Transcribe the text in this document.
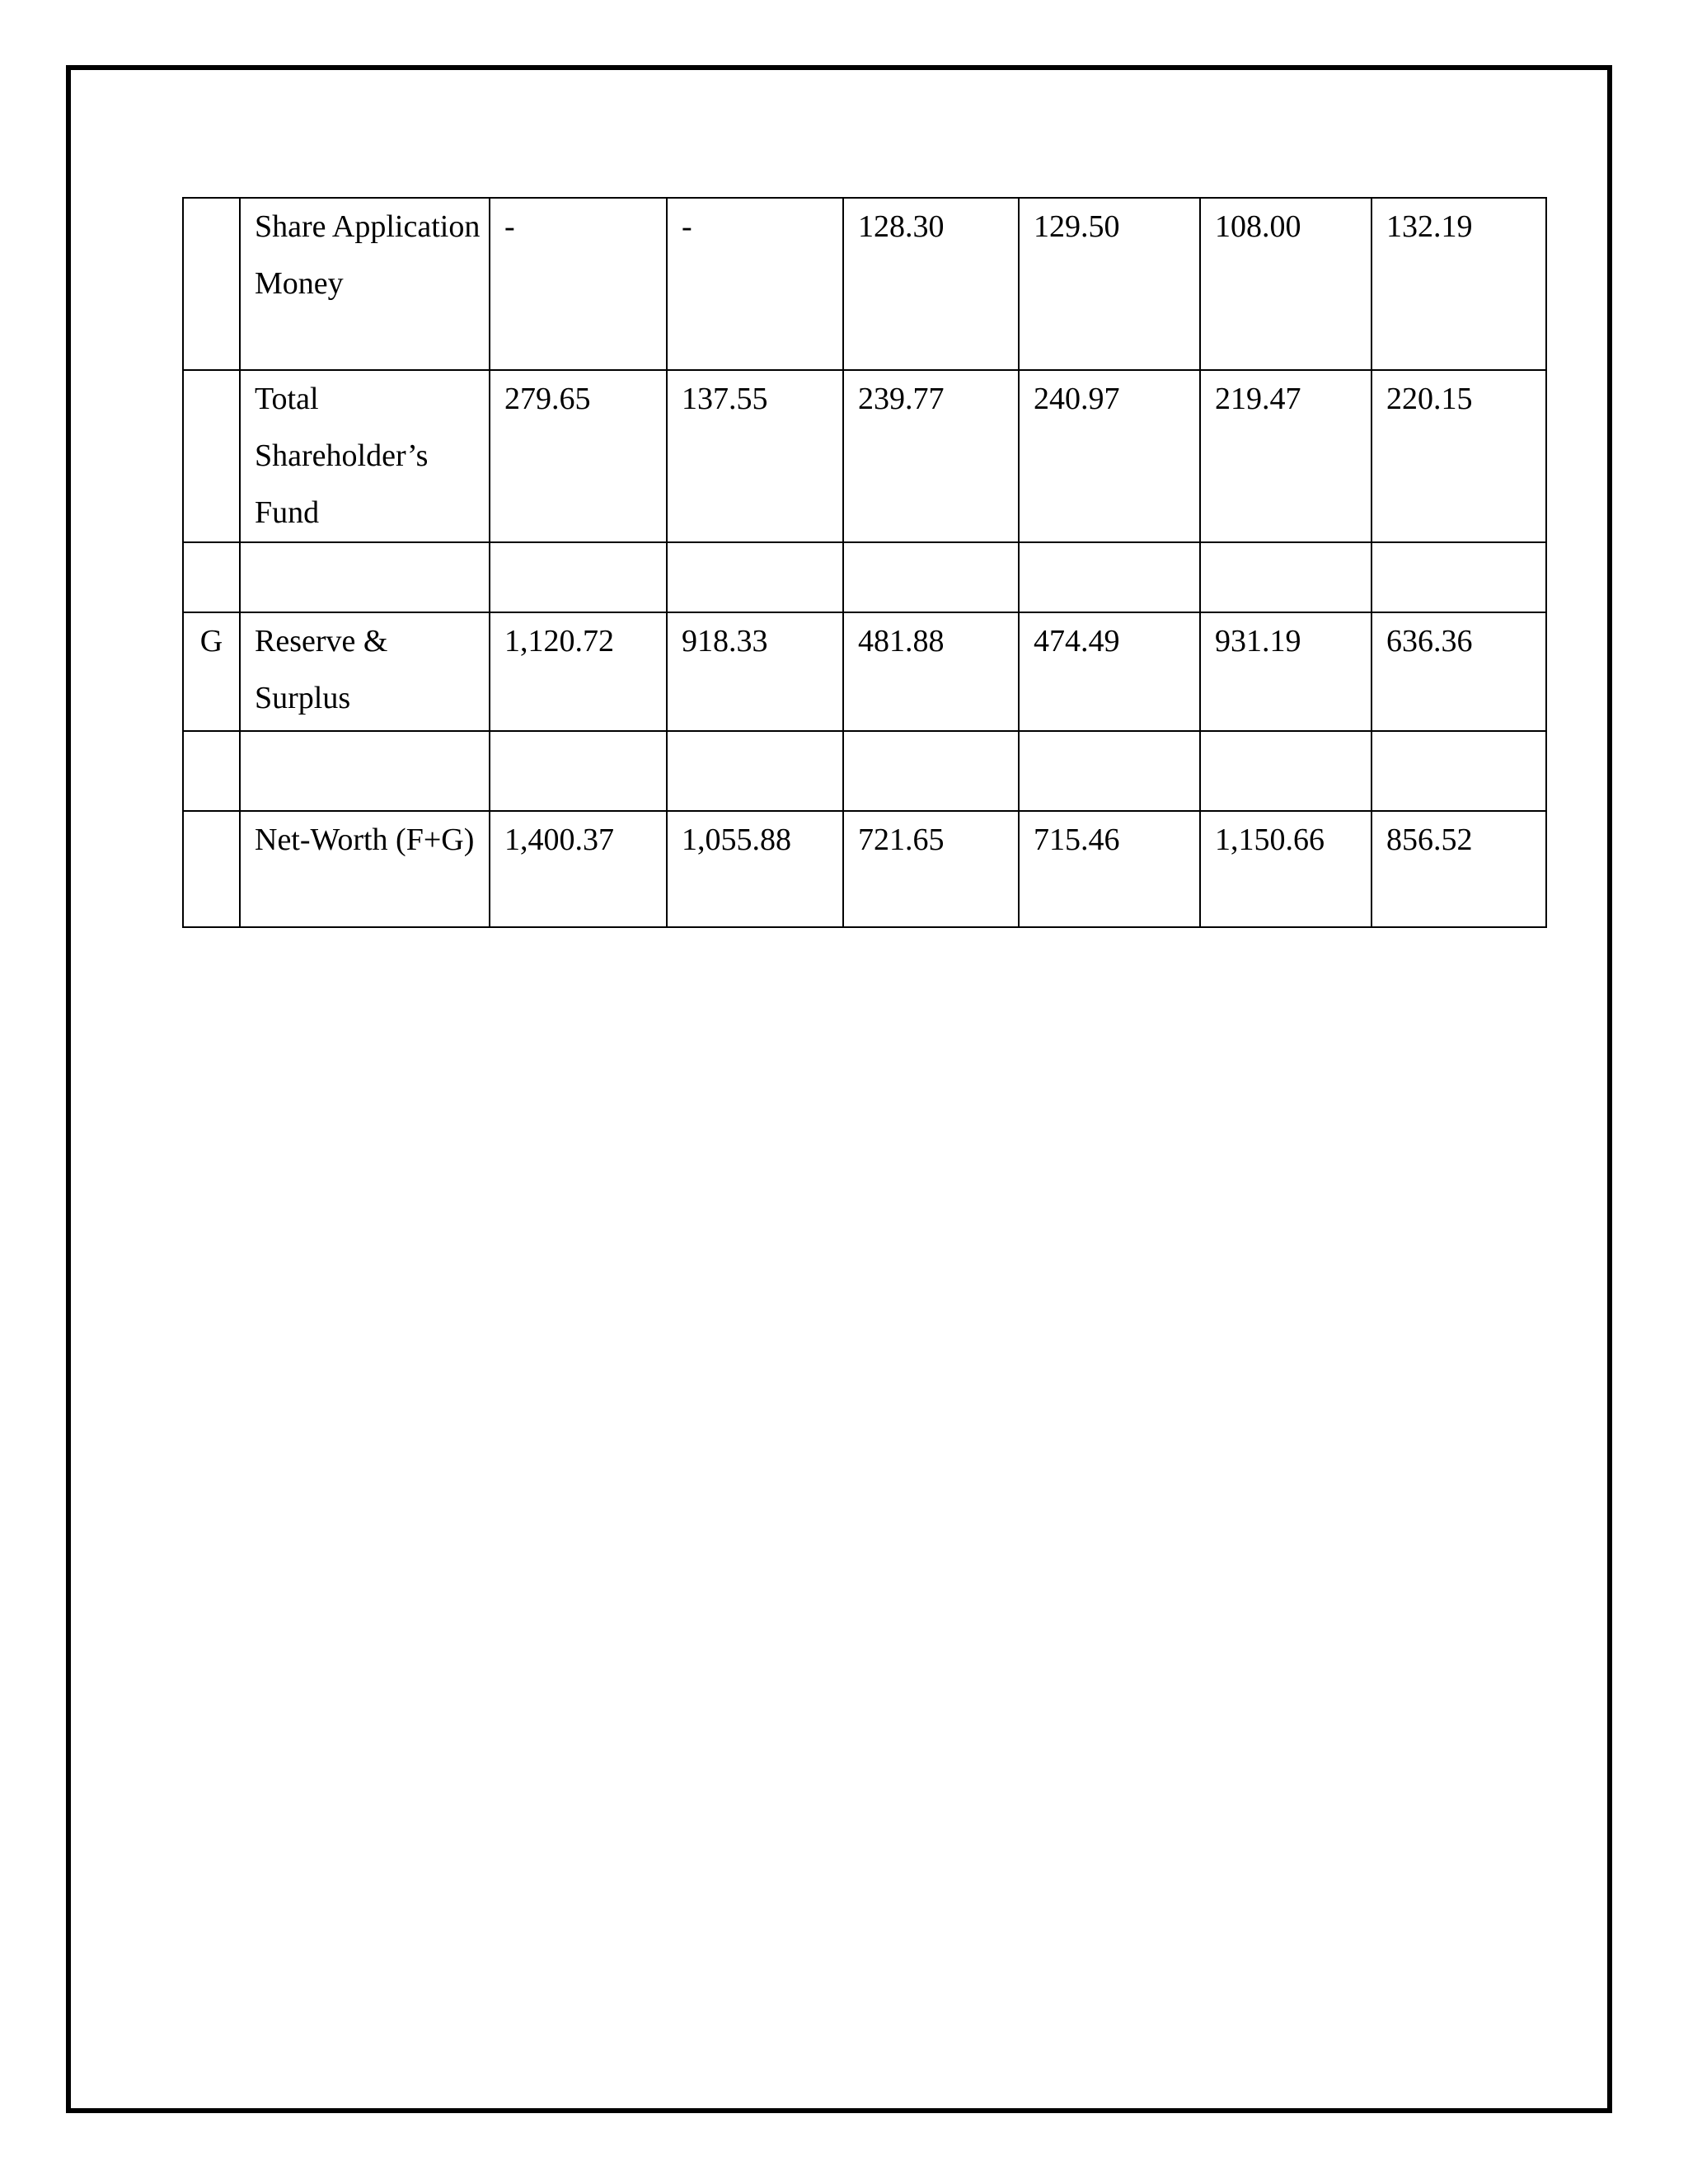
	Share Application Money	-	-	128.30	129.50	108.00	132.19
	Total Shareholder’s Fund	279.65	137.55	239.77	240.97	219.47	220.15

G	Reserve & Surplus	1,120.72	918.33	481.88	474.49	931.19	636.36

	Net-Worth (F+G)	1,400.37	1,055.88	721.65	715.46	1,150.66	856.52
